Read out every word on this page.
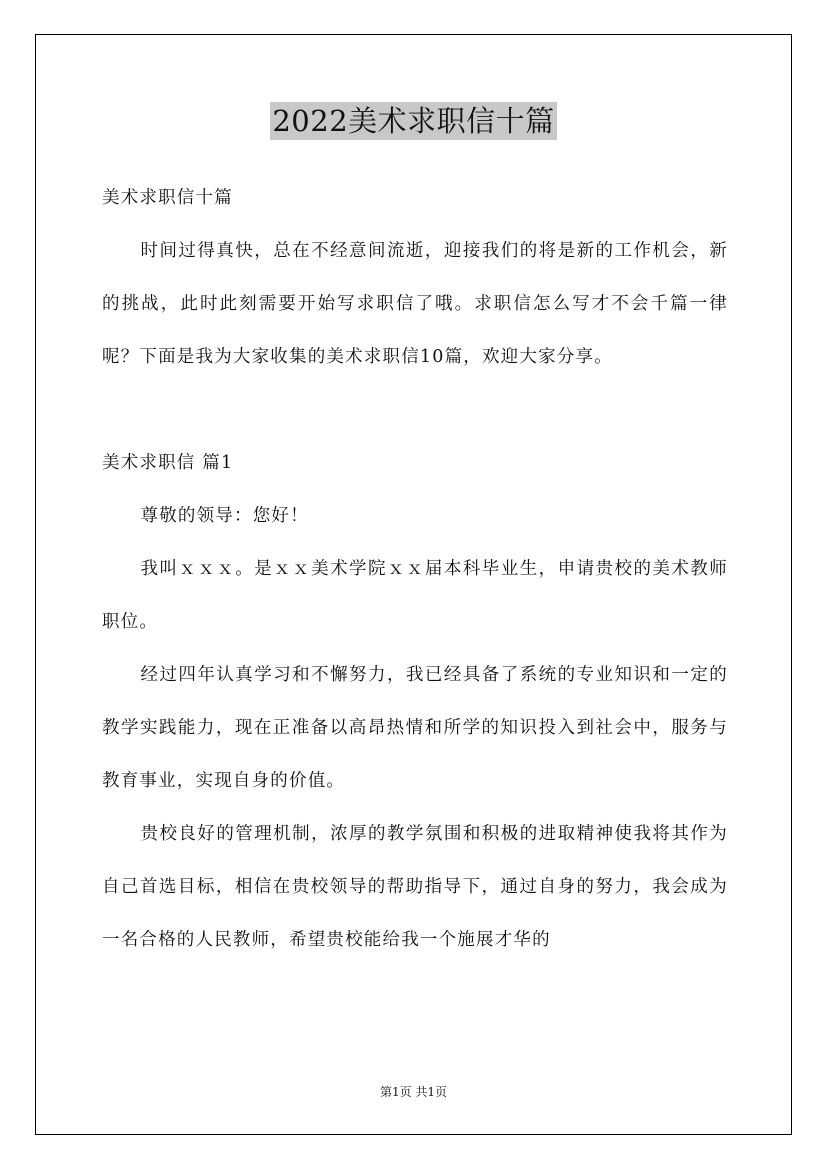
2022美术求职信十篇

美术求职信十篇

时间过得真快，总在不经意间流逝，迎接我们的将是新的工作机会，新的挑战，此时此刻需要开始写求职信了哦。求职信怎么写才不会千篇一律呢？下面是我为大家收集的美术求职信10篇，欢迎大家分享。

美术求职信 篇1

尊敬的领导：您好！

我叫ｘｘｘ。是ｘｘ美术学院ｘｘ届本科毕业生，申请贵校的美术教师职位。

经过四年认真学习和不懈努力，我已经具备了系统的专业知识和一定的教学实践能力，现在正准备以高昂热情和所学的知识投入到社会中，服务与教育事业，实现自身的价值。

贵校良好的管理机制，浓厚的教学氛围和积极的进取精神使我将其作为自己首选目标，相信在贵校领导的帮助指导下，通过自身的努力，我会成为一名合格的人民教师，希望贵校能给我一个施展才华的

第1页 共1页
